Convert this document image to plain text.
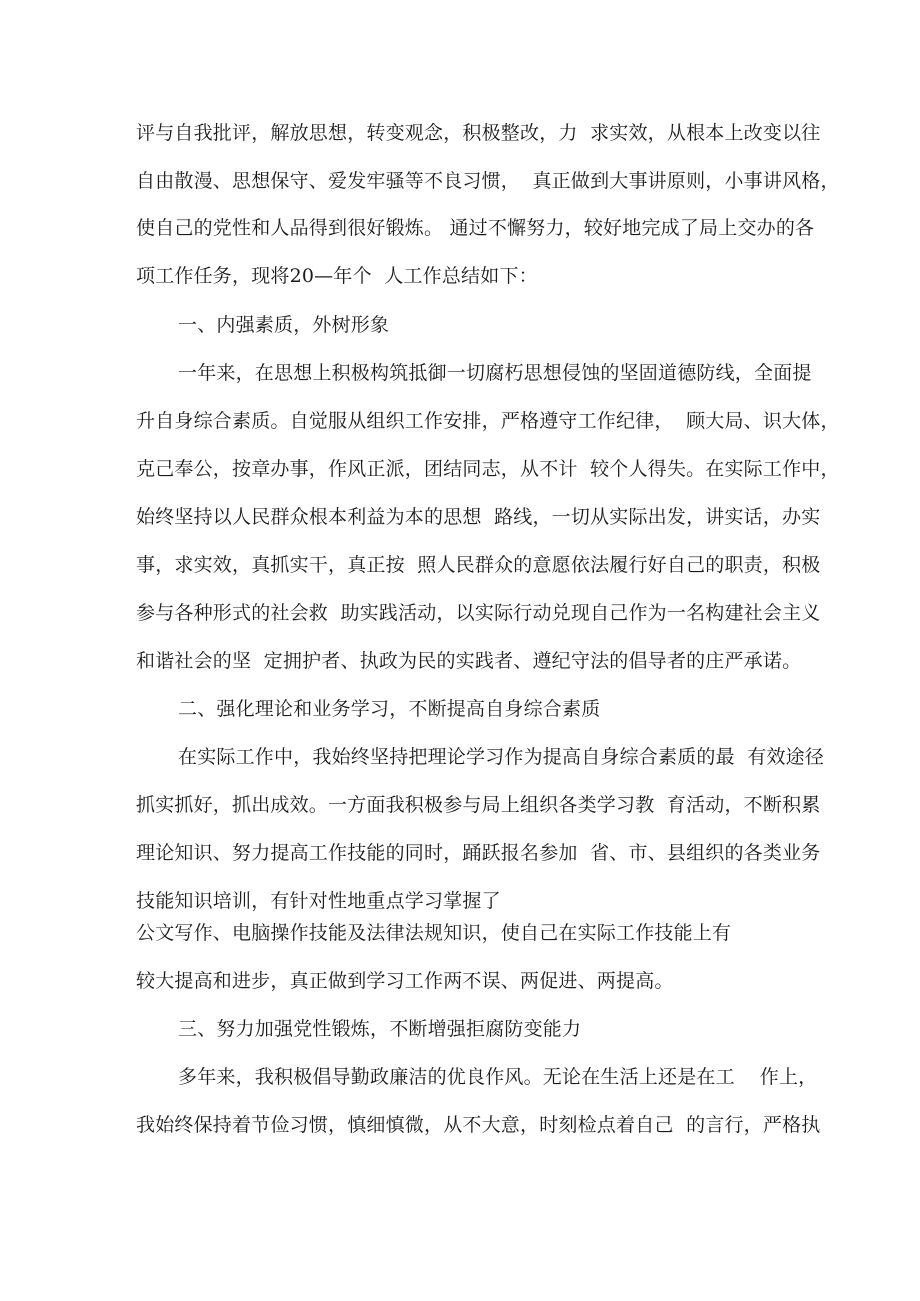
评与自我批评，解放思想，转变观念，积极整改，力  求实效，从根本上改变以往
自由散漫、思想保守、爱发牢骚等不良习惯，  真正做到大事讲原则，小事讲风格，
使自己的党性和人品得到很好锻炼。 通过不懈努力，较好地完成了局上交办的各
项工作任务，现将20—年个  人工作总结如下：
一、内强素质，外树形象
一年来，在思想上积极构筑抵御一切腐朽思想侵蚀的坚固道德防线，全面提
升自身综合素质。自觉服从组织工作安排，严格遵守工作纪律，  顾大局、识大体，
克己奉公，按章办事，作风正派，团结同志，从不计  较个人得失。在实际工作中，
始终坚持以人民群众根本利益为本的思想  路线，一切从实际出发，讲实话，办实
事，求实效，真抓实干，真正按  照人民群众的意愿依法履行好自己的职责，积极
参与各种形式的社会救  助实践活动，以实际行动兑现自己作为一名构建社会主义
和谐社会的坚  定拥护者、执政为民的实践者、遵纪守法的倡导者的庄严承诺。
二、强化理论和业务学习，不断提高自身综合素质
在实际工作中，我始终坚持把理论学习作为提高自身综合素质的最  有效途径
抓实抓好，抓出成效。一方面我积极参与局上组织各类学习教  育活动，不断积累
理论知识、努力提高工作技能的同时，踊跃报名参加  省、市、县组织的各类业务
技能知识培训，有针对性地重点学习掌握了
公文写作、电脑操作技能及法律法规知识，使自己在实际工作技能上有
较大提高和进步，真正做到学习工作两不误、两促进、两提高。
三、努力加强党性锻炼，不断增强拒腐防变能力
多年来，我积极倡导勤政廉洁的优良作风。无论在生活上还是在工    作上，
我始终保持着节俭习惯，慎细慎微，从不大意，时刻检点着自己  的言行，严格执
